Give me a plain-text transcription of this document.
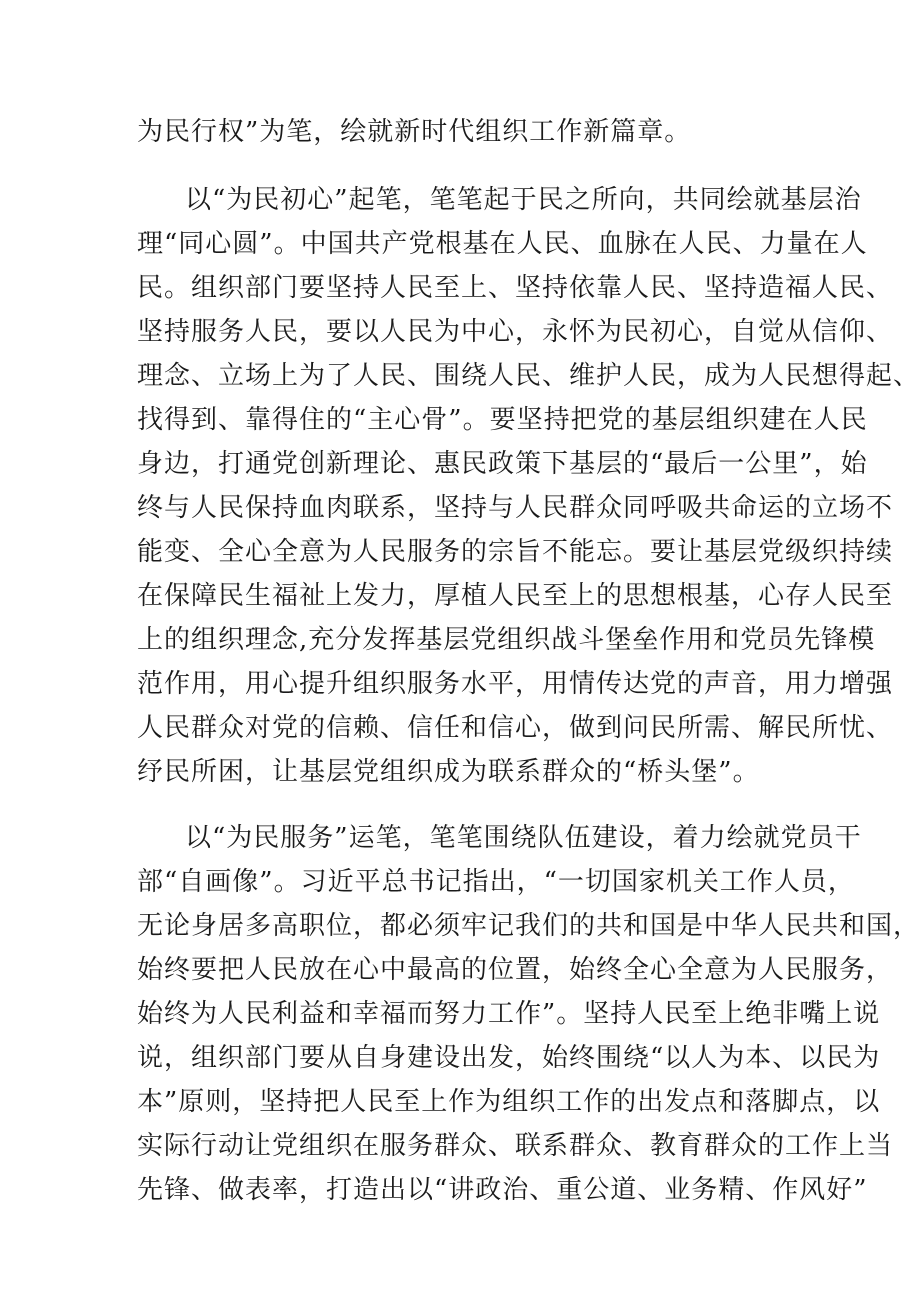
为民行权”为笔，绘就新时代组织工作新篇章。
以“为民初心”起笔，笔笔起于民之所向，共同绘就基层治
理“同心圆”。中国共产党根基在人民、血脉在人民、力量在人
民。组织部门要坚持人民至上、坚持依靠人民、坚持造福人民、
坚持服务人民，要以人民为中心，永怀为民初心，自觉从信仰、
理念、立场上为了人民、围绕人民、维护人民，成为人民想得起、
找得到、靠得住的“主心骨”。要坚持把党的基层组织建在人民
身边，打通党创新理论、惠民政策下基层的“最后一公里”，始
终与人民保持血肉联系，坚持与人民群众同呼吸共命运的立场不
能变、全心全意为人民服务的宗旨不能忘。要让基层党级织持续
在保障民生福祉上发力，厚植人民至上的思想根基，心存人民至
上的组织理念,充分发挥基层党组织战斗堡垒作用和党员先锋模
范作用，用心提升组织服务水平，用情传达党的声音，用力增强
人民群众对党的信赖、信任和信心，做到问民所需、解民所忧、
纾民所困，让基层党组织成为联系群众的“桥头堡”。
以“为民服务”运笔，笔笔围绕队伍建设，着力绘就党员干
部“自画像”。习近平总书记指出，“一切国家机关工作人员，
无论身居多高职位，都必须牢记我们的共和国是中华人民共和国，
始终要把人民放在心中最高的位置，始终全心全意为人民服务，
始终为人民利益和幸福而努力工作”。坚持人民至上绝非嘴上说
说，组织部门要从自身建设出发，始终围绕“以人为本、以民为
本”原则，坚持把人民至上作为组织工作的出发点和落脚点，以
实际行动让党组织在服务群众、联系群众、教育群众的工作上当
先锋、做表率，打造出以“讲政治、重公道、业务精、作风好”
